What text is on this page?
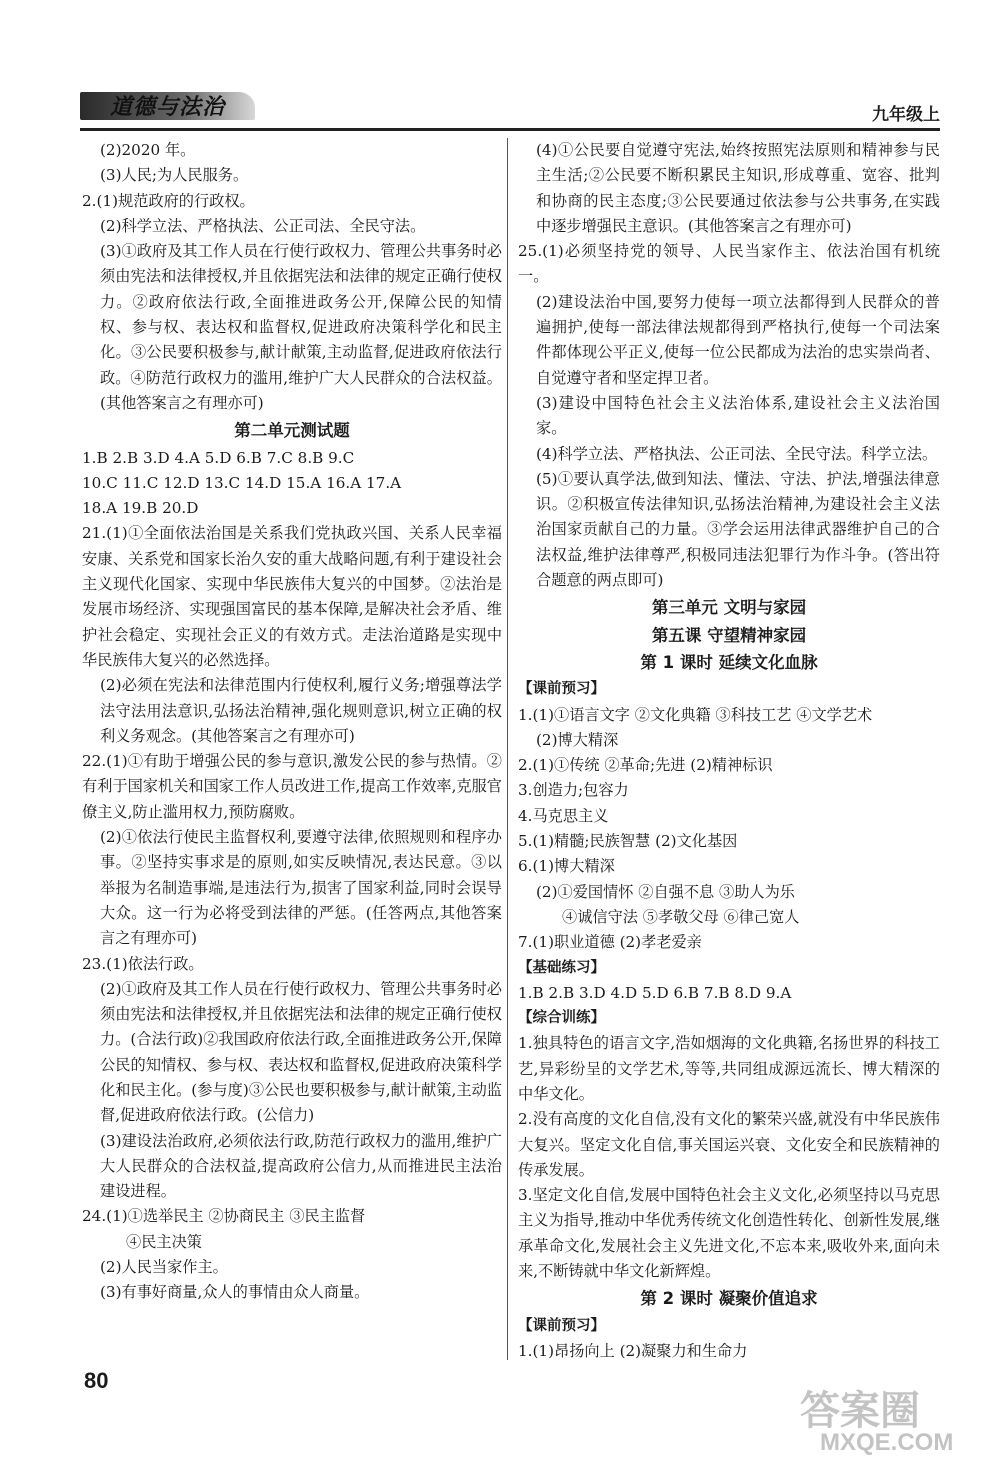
道德与法治	九年级上

(2)2020 年。

(3)人民;为人民服务。

2.(1)规范政府的行政权。

(2)科学立法、严格执法、公正司法、全民守法。

(3)①政府及其工作人员在行使行政权力、管理公共事务时必须由宪法和法律授权,并且依据宪法和法律的规定正确行使权力。②政府依法行政,全面推进政务公开,保障公民的知情权、参与权、表达权和监督权,促进政府决策科学化和民主化。③公民要积极参与,献计献策,主动监督,促进政府依法行政。④防范行政权力的滥用,维护广大人民群众的合法权益。(其他答案言之有理亦可)

第二单元测试题

1.B 2.B 3.D 4.A 5.D 6.B 7.C 8.B 9.C

10.C 11.C 12.D 13.C 14.D 15.A 16.A 17.A

18.A 19.B 20.D

21.(1)①全面依法治国是关系我们党执政兴国、关系人民幸福安康、关系党和国家长治久安的重大战略问题,有利于建设社会主义现代化国家、实现中华民族伟大复兴的中国梦。②法治是发展市场经济、实现强国富民的基本保障,是解决社会矛盾、维护社会稳定、实现社会正义的有效方式。走法治道路是实现中华民族伟大复兴的必然选择。

(2)必须在宪法和法律范围内行使权利,履行义务;增强尊法学法守法用法意识,弘扬法治精神,强化规则意识,树立正确的权利义务观念。(其他答案言之有理亦可)

22.(1)①有助于增强公民的参与意识,激发公民的参与热情。②有利于国家机关和国家工作人员改进工作,提高工作效率,克服官僚主义,防止滥用权力,预防腐败。

(2)①依法行使民主监督权利,要遵守法律,依照规则和程序办事。②坚持实事求是的原则,如实反映情况,表达民意。③以举报为名制造事端,是违法行为,损害了国家利益,同时会误导大众。这一行为必将受到法律的严惩。(任答两点,其他答案言之有理亦可)

23.(1)依法行政。

(2)①政府及其工作人员在行使行政权力、管理公共事务时必须由宪法和法律授权,并且依据宪法和法律的规定正确行使权力。(合法行政)②我国政府依法行政,全面推进政务公开,保障公民的知情权、参与权、表达权和监督权,促进政府决策科学化和民主化。(参与度)③公民也要积极参与,献计献策,主动监督,促进政府依法行政。(公信力)

(3)建设法治政府,必须依法行政,防范行政权力的滥用,维护广大人民群众的合法权益,提高政府公信力,从而推进民主法治建设进程。

24.(1)①选举民主 ②协商民主 ③民主监督

④民主决策

(2)人民当家作主。

(3)有事好商量,众人的事情由众人商量。

(4)①公民要自觉遵守宪法,始终按照宪法原则和精神参与民主生活;②公民要不断积累民主知识,形成尊重、宽容、批判和协商的民主态度;③公民要通过依法参与公共事务,在实践中逐步增强民主意识。(其他答案言之有理亦可)

25.(1)必须坚持党的领导、人民当家作主、依法治国有机统一。

(2)建设法治中国,要努力使每一项立法都得到人民群众的普遍拥护,使每一部法律法规都得到严格执行,使每一个司法案件都体现公平正义,使每一位公民都成为法治的忠实崇尚者、自觉遵守者和坚定捍卫者。

(3)建设中国特色社会主义法治体系,建设社会主义法治国家。

(4)科学立法、严格执法、公正司法、全民守法。科学立法。

(5)①要认真学法,做到知法、懂法、守法、护法,增强法律意识。②积极宣传法律知识,弘扬法治精神,为建设社会主义法治国家贡献自己的力量。③学会运用法律武器维护自己的合法权益,维护法律尊严,积极同违法犯罪行为作斗争。(答出符合题意的两点即可)

第三单元 文明与家园

第五课 守望精神家园

第 1 课时 延续文化血脉

【课前预习】

1.(1)①语言文字 ②文化典籍 ③科技工艺 ④文学艺术

(2)博大精深

2.(1)①传统 ②革命;先进 (2)精神标识

3.创造力;包容力

4.马克思主义

5.(1)精髓;民族智慧 (2)文化基因

6.(1)博大精深

(2)①爱国情怀 ②自强不息 ③助人为乐

④诚信守法 ⑤孝敬父母 ⑥律己宽人

7.(1)职业道德 (2)孝老爱亲

【基础练习】

1.B 2.B 3.D 4.D 5.D 6.B 7.B 8.D 9.A

【综合训练】

1.独具特色的语言文字,浩如烟海的文化典籍,名扬世界的科技工艺,异彩纷呈的文学艺术,等等,共同组成源远流长、博大精深的中华文化。

2.没有高度的文化自信,没有文化的繁荣兴盛,就没有中华民族伟大复兴。坚定文化自信,事关国运兴衰、文化安全和民族精神的传承发展。

3.坚定文化自信,发展中国特色社会主义文化,必须坚持以马克思主义为指导,推动中华优秀传统文化创造性转化、创新性发展,继承革命文化,发展社会主义先进文化,不忘本来,吸收外来,面向未来,不断铸就中华文化新辉煌。

第 2 课时 凝聚价值追求

【课前预习】

1.(1)昂扬向上 (2)凝聚力和生命力

80
答案圈
MXQE.COM
